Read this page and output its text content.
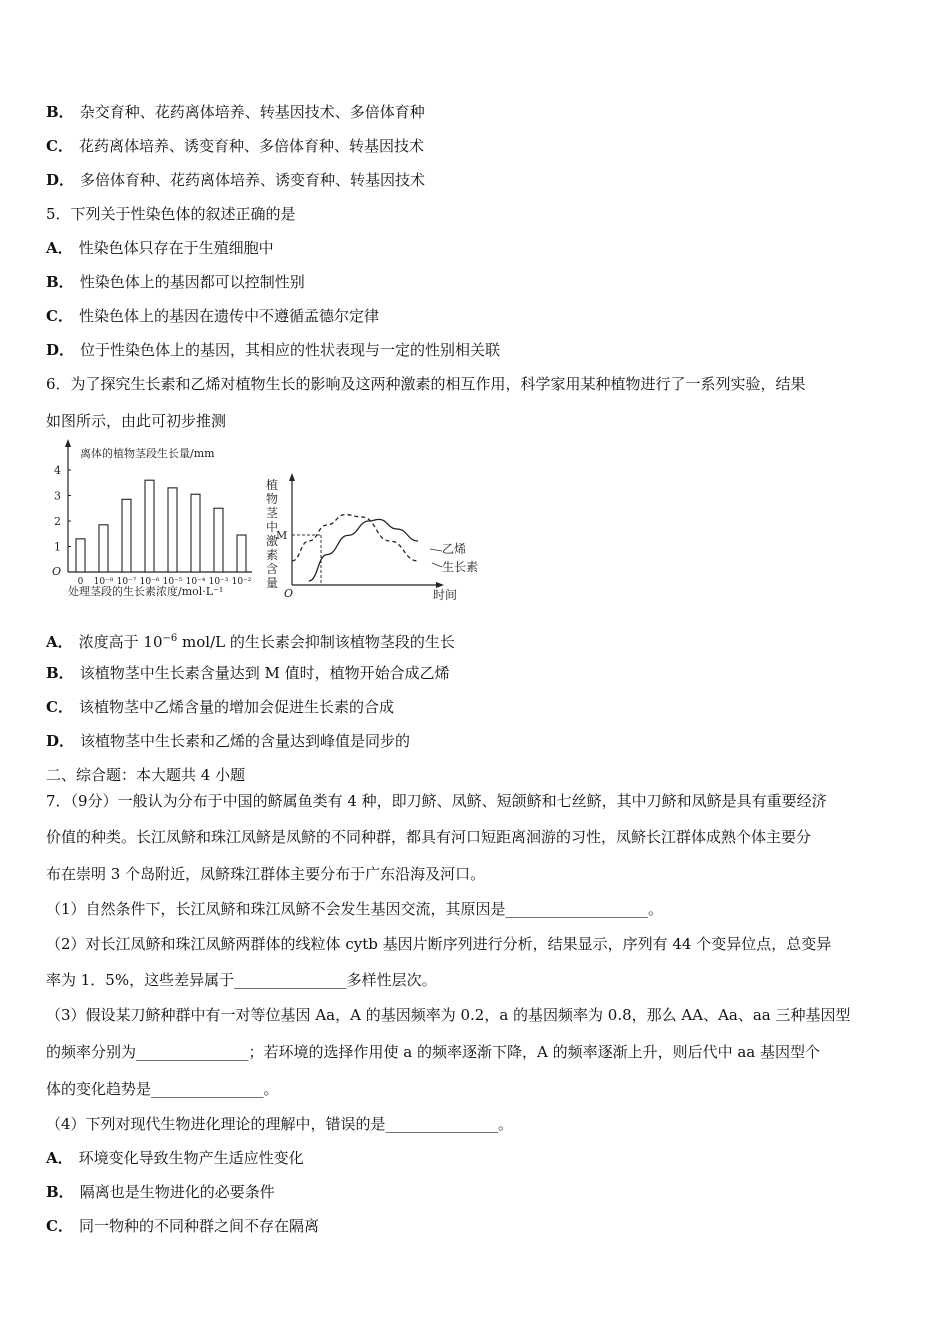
B． 杂交育种、花药离体培养、转基因技术、多倍体育种
C． 花药离体培养、诱变育种、多倍体育种、转基因技术
D． 多倍体育种、花药离体培养、诱变育种、转基因技术
5．下列关于性染色体的叙述正确的是
A． 性染色体只存在于生殖细胞中
B． 性染色体上的基因都可以控制性别
C． 性染色体上的基因在遗传中不遵循孟德尔定律
D． 位于性染色体上的基因，其相应的性状表现与一定的性别相关联
6．为了探究生长素和乙烯对植物生长的影响及这两种激素的相互作用，科学家用某种植物进行了一系列实验，结果
如图所示，由此可初步推测
离体的植物茎段生长量/mm
O
1
2
3
4
0 10⁻⁸ 10⁻⁷ 10⁻⁶ 10⁻⁵ 10⁻⁴ 10⁻³ 10⁻²
处理茎段的生长素浓度/mol·L⁻¹
植
物
茎
中
激
素
含
量
O	时间
M
乙烯
生长素
A． 浓度高于 $10^{-6}$ mol/L 的生长素会抑制该植物茎段的生长
B． 该植物茎中生长素含量达到 M 值时，植物开始合成乙烯
C． 该植物茎中乙烯含量的增加会促进生长素的合成
D． 该植物茎中生长素和乙烯的含量达到峰值是同步的
二、综合题：本大题共 4 小题
7．（9分）一般认为分布于中国的鲚属鱼类有 4 种，即刀鲚、凤鲚、短颌鲚和七丝鲚，其中刀鲚和凤鲚是具有重要经济
价值的种类。长江凤鲚和珠江凤鲚是凤鲚的不同种群，都具有河口短距离洄游的习性，凤鲚长江群体成熟个体主要分
布在崇明 3 个岛附近，凤鲚珠江群体主要分布于广东沿海及河口。
（1）自然条件下，长江凤鲚和珠江凤鲚不会发生基因交流，其原因是___________________。
（2）对长江凤鲚和珠江凤鲚两群体的线粒体 cytb 基因片断序列进行分析，结果显示，序列有 44 个变异位点，总变异
率为 1．5%，这些差异属于_______________多样性层次。
（3）假设某刀鲚种群中有一对等位基因 Aa，A 的基因频率为 0.2，a 的基因频率为 0.8，那么 AA、Aa、aa 三种基因型
的频率分别为_______________；若环境的选择作用使 a 的频率逐渐下降，A 的频率逐渐上升，则后代中 aa 基因型个
体的变化趋势是_______________。
（4）下列对现代生物进化理论的理解中，错误的是_______________。
A． 环境变化导致生物产生适应性变化
B． 隔离也是生物进化的必要条件
C． 同一物种的不同种群之间不存在隔离
